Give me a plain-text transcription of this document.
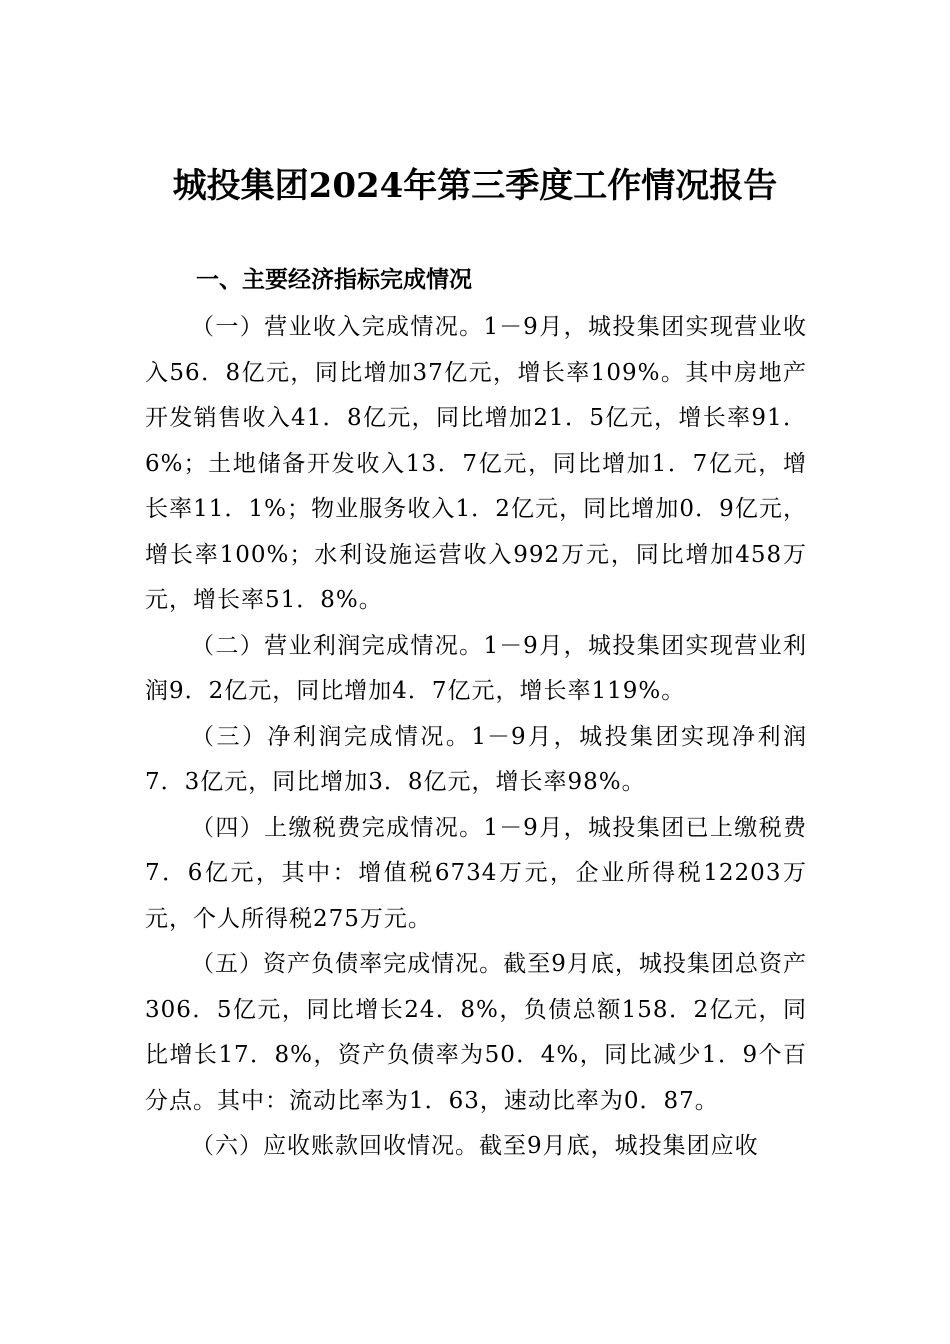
城投集团2024年第三季度工作情况报告
一、主要经济指标完成情况

（一）营业收入完成情况。1－9月，城投集团实现营业收入56．8亿元，同比增加37亿元，增长率109%。其中房地产开发销售收入41．8亿元，同比增加21．5亿元，增长率91．6%；土地储备开发收入13．7亿元，同比增加1．7亿元，增长率11．1%；物业服务收入1．2亿元，同比增加0．9亿元，增长率100%；水利设施运营收入992万元，同比增加458万元，增长率51．8%。

（二）营业利润完成情况。1－9月，城投集团实现营业利润9．2亿元，同比增加4．7亿元，增长率119%。

（三）净利润完成情况。1－9月，城投集团实现净利润7．3亿元，同比增加3．8亿元，增长率98%。

（四）上缴税费完成情况。1－9月，城投集团已上缴税费7．6亿元，其中：增值税6734万元，企业所得税12203万元，个人所得税275万元。

（五）资产负债率完成情况。截至9月底，城投集团总资产306．5亿元，同比增长24．8%，负债总额158．2亿元，同比增长17．8%，资产负债率为50．4%，同比减少1．9个百分点。其中：流动比率为1．63，速动比率为0．87。

（六）应收账款回收情况。截至9月底，城投集团应收
